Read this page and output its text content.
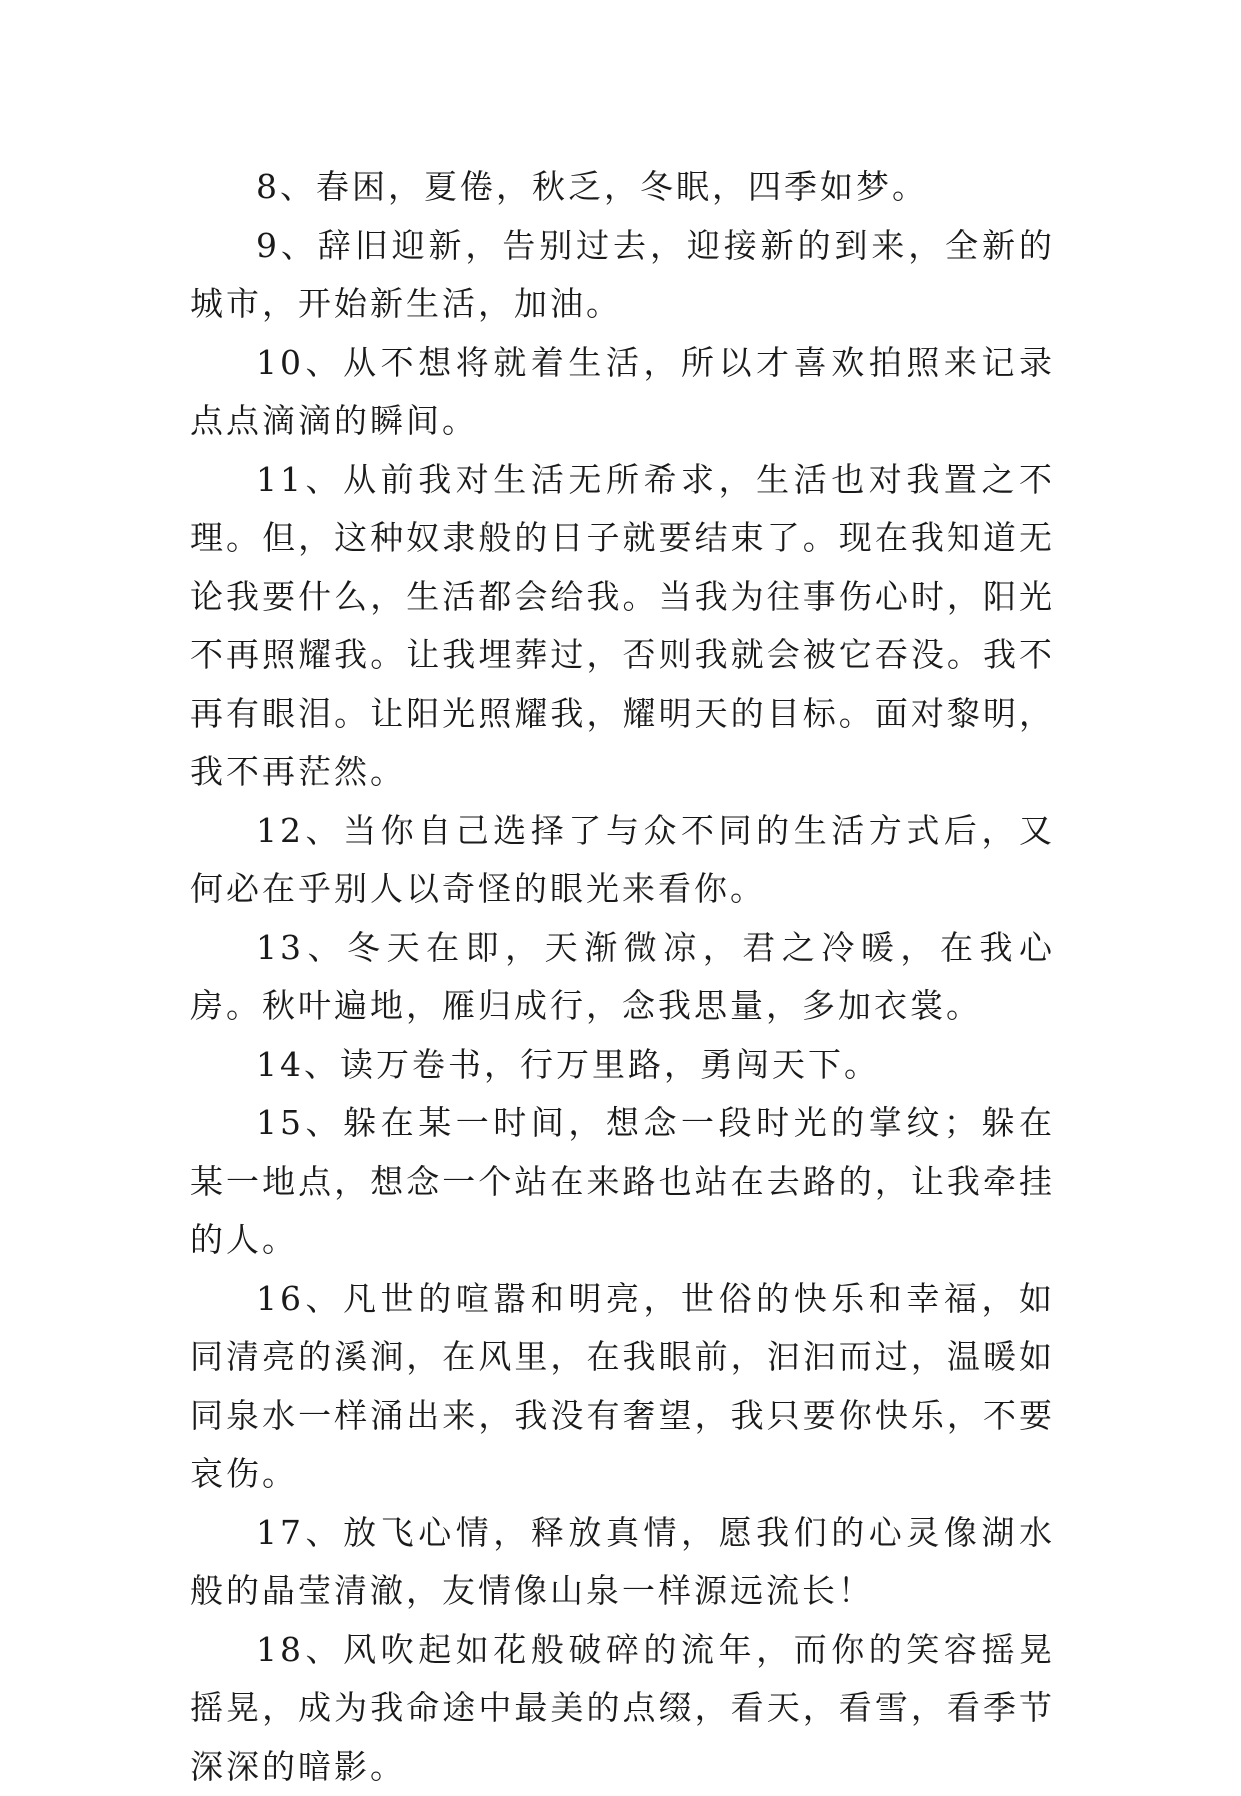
8、春困，夏倦，秋乏，冬眠，四季如梦。

9、辞旧迎新，告别过去，迎接新的到来，全新的城市，开始新生活，加油。

10、从不想将就着生活，所以才喜欢拍照来记录点点滴滴的瞬间。

11、从前我对生活无所希求，生活也对我置之不理。但，这种奴隶般的日子就要结束了。现在我知道无论我要什么，生活都会给我。当我为往事伤心时，阳光不再照耀我。让我埋葬过，否则我就会被它吞没。我不再有眼泪。让阳光照耀我，耀明天的目标。面对黎明，我不再茫然。

12、当你自己选择了与众不同的生活方式后，又何必在乎别人以奇怪的眼光来看你。

13、冬天在即，天渐微凉，君之冷暖，在我心房。秋叶遍地，雁归成行，念我思量，多加衣裳。

14、读万卷书，行万里路，勇闯天下。

15、躲在某一时间，想念一段时光的掌纹；躲在某一地点，想念一个站在来路也站在去路的，让我牵挂的人。

16、凡世的喧嚣和明亮，世俗的快乐和幸福，如同清亮的溪涧，在风里，在我眼前，汩汩而过，温暖如同泉水一样涌出来，我没有奢望，我只要你快乐，不要哀伤。

17、放飞心情，释放真情，愿我们的心灵像湖水般的晶莹清澈，友情像山泉一样源远流长！

18、风吹起如花般破碎的流年，而你的笑容摇晃摇晃，成为我命途中最美的点缀，看天，看雪，看季节深深的暗影。
